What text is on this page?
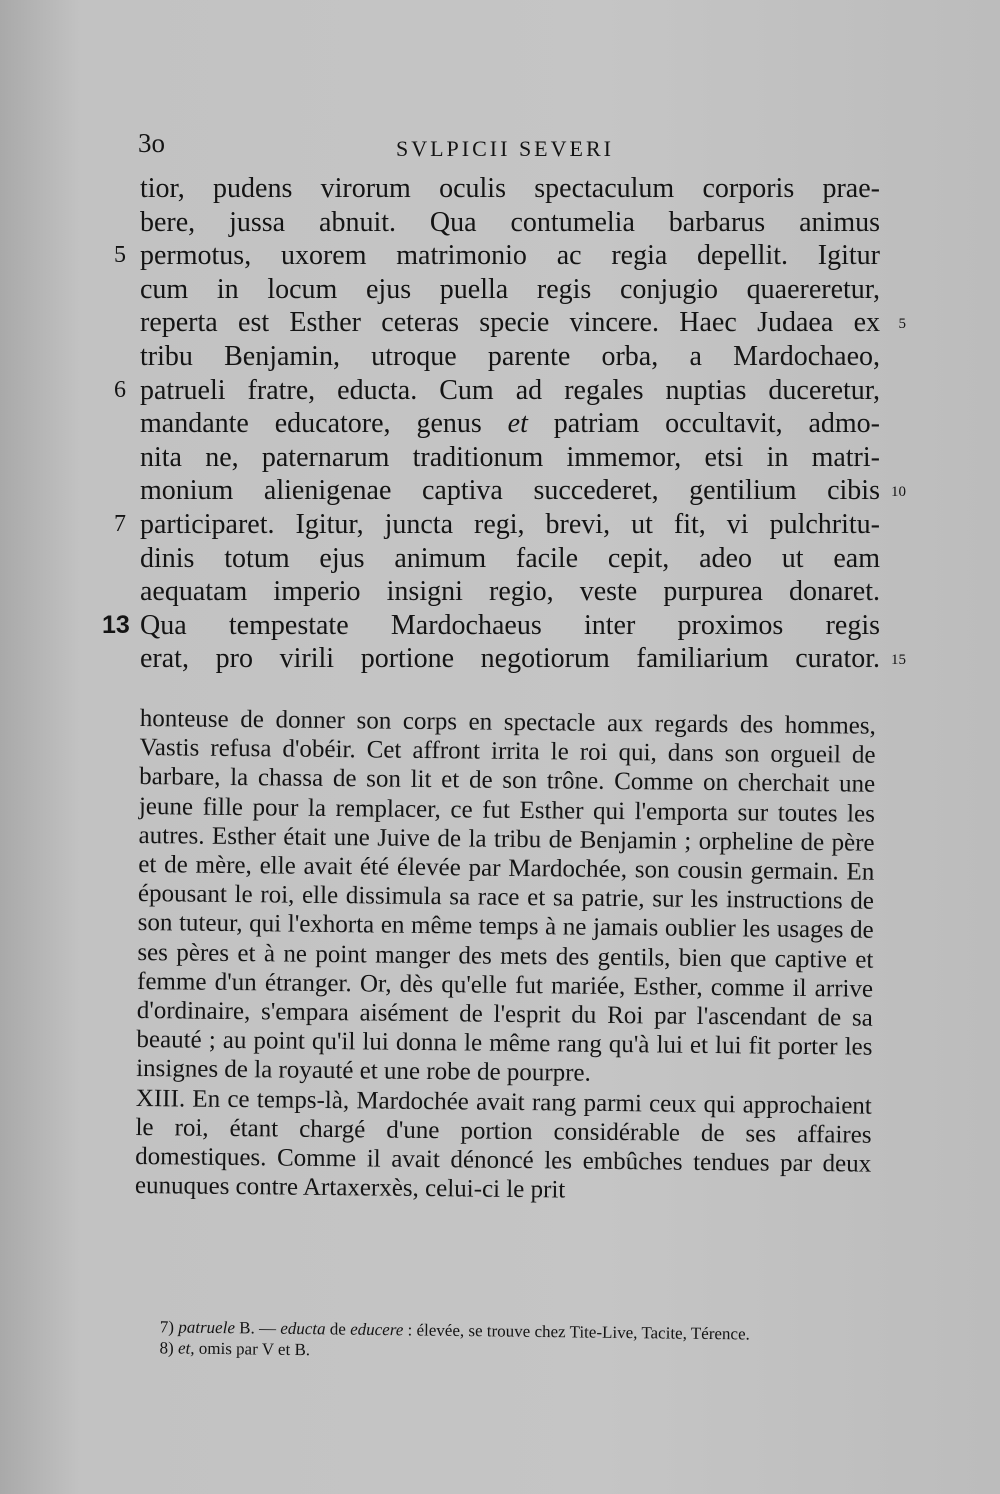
3o	SVLPICII SEVERI
tior, pudens virorum oculis spectaculum corporis prae-
bere, jussa abnuit. Qua contumelia barbarus animus
5 permotus, uxorem matrimonio ac regia depellit. Igitur
cum in locum ejus puella regis conjugio quaereretur,
reperta est Esther ceteras specie vincere. Haec Judaea ex 5
tribu Benjamin, utroque parente orba, a Mardochaeo,
6 patrueli fratre, educta. Cum ad regales nuptias duceretur,
mandante educatore, genus et patriam occultavit, admo-
nita ne, paternarum traditionum immemor, etsi in matri-
monium alienigenae captiva succederet, gentilium cibis 10
7 participaret. Igitur, juncta regi, brevi, ut fit, vi pulchritu-
dinis totum ejus animum facile cepit, adeo ut eam
aequatam imperio insigni regio, veste purpurea donaret.
13 Qua tempestate Mardochaeus inter proximos regis
erat, pro virili portione negotiorum familiarium curator. 15

honteuse de donner son corps en spectacle aux regards des hommes, Vastis refusa d'obéir. Cet affront irrita le roi qui, dans son orgueil de barbare, la chassa de son lit et de son trône. Comme on cherchait une jeune fille pour la remplacer, ce fut Esther qui l'emporta sur toutes les autres. Esther était une Juive de la tribu de Benjamin ; orpheline de père et de mère, elle avait été élevée par Mardochée, son cousin germain. En épousant le roi, elle dissimula sa race et sa patrie, sur les instructions de son tuteur, qui l'exhorta en même temps à ne jamais oublier les usages de ses pères et à ne point manger des mets des gentils, bien que captive et femme d'un étranger. Or, dès qu'elle fut mariée, Esther, comme il arrive d'ordinaire, s'empara aisément de l'esprit du Roi par l'ascendant de sa beauté ; au point qu'il lui donna le même rang qu'à lui et lui fit porter les insignes de la royauté et une robe de pourpre.

XIII. En ce temps-là, Mardochée avait rang parmi ceux qui approchaient le roi, étant chargé d'une portion considérable de ses affaires domestiques. Comme il avait dénoncé les embûches tendues par deux eunuques contre Artaxerxès, celui-ci le prit

7) patruele B. — educta de educere : élevée, se trouve chez Tite-Live, Tacite, Térence.

8) et, omis par V et B.
